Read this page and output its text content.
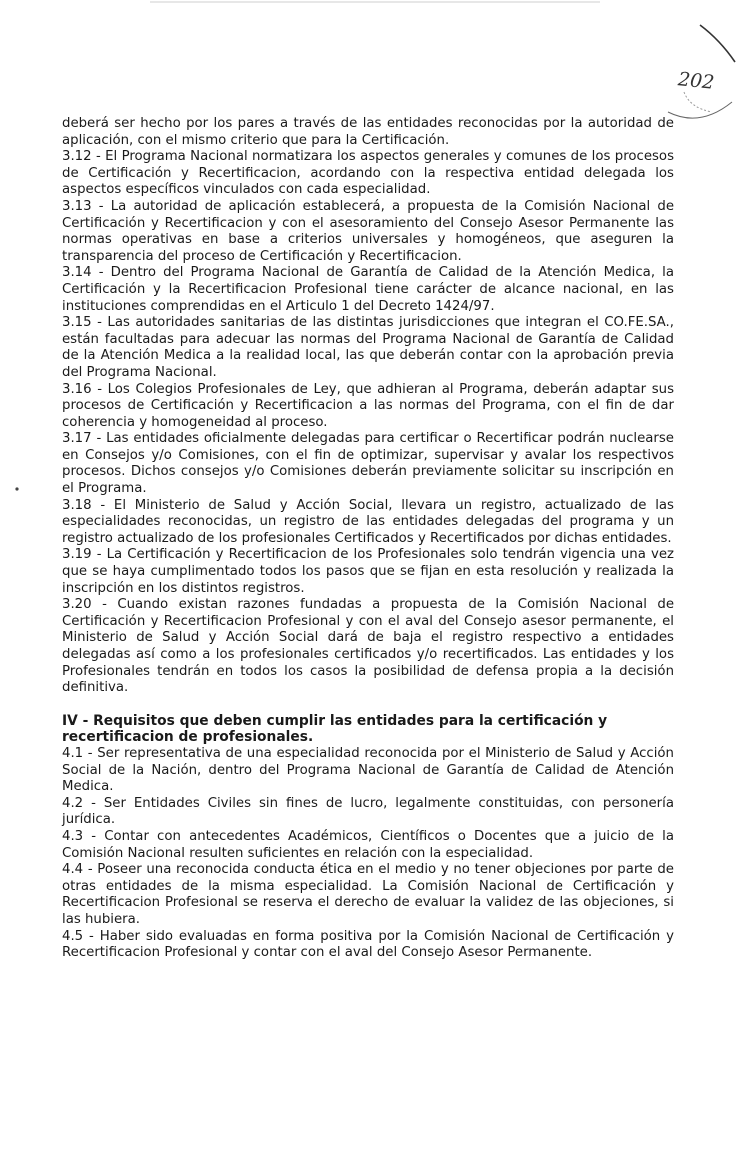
202

deberá ser hecho por los pares a través de las entidades reconocidas por la autoridad de aplicación, con el mismo criterio que para la Certificación.

3.12 - El Programa Nacional normatizara los aspectos generales y comunes de los procesos de Certificación y Recertificacion, acordando con la respectiva entidad delegada los aspectos específicos vinculados con cada especialidad.

3.13 - La autoridad de aplicación establecerá, a propuesta de la Comisión Nacional de Certificación y Recertificacion y con el asesoramiento del Consejo Asesor Permanente las normas operativas en base a criterios universales y homogéneos, que aseguren la transparencia del proceso de Certificación y Recertificacion.

3.14 - Dentro del Programa Nacional de Garantía de Calidad de la Atención Medica, la Certificación y la Recertificacion Profesional tiene carácter de alcance nacional, en las instituciones comprendidas en el Articulo 1 del Decreto 1424/97.

3.15 - Las autoridades sanitarias de las distintas jurisdicciones que integran el CO.FE.SA., están facultadas para adecuar las normas del Programa Nacional de Garantía de Calidad de la Atención Medica a la realidad local, las que deberán contar con la aprobación previa del Programa Nacional.

3.16 - Los Colegios Profesionales de Ley, que adhieran al Programa, deberán adaptar sus procesos de Certificación y Recertificacion a las normas del Programa, con el fin de dar coherencia y homogeneidad al proceso.

3.17 - Las entidades oficialmente delegadas para certificar o Recertificar podrán nuclearse en Consejos y/o Comisiones, con el fin de optimizar, supervisar y avalar los respectivos procesos. Dichos consejos y/o Comisiones deberán previamente solicitar su inscripción en el Programa.

3.18 - El Ministerio de Salud y Acción Social, llevara un registro, actualizado de las especialidades reconocidas, un registro de las entidades delegadas del programa y un registro actualizado de los profesionales Certificados y Recertificados por dichas entidades.

3.19 - La Certificación y Recertificacion de los Profesionales solo tendrán vigencia una vez que se haya cumplimentado todos los pasos que se fijan en esta resolución y realizada la inscripción en los distintos registros.

3.20 - Cuando existan razones fundadas a propuesta de la Comisión Nacional de Certificación y Recertificacion Profesional y con el aval del Consejo asesor permanente, el Ministerio de Salud y Acción Social dará de baja el registro respectivo a entidades delegadas así como a los profesionales certificados y/o recertificados. Las entidades y los Profesionales tendrán en todos los casos la posibilidad de defensa propia a la decisión definitiva.

IV - Requisitos que deben cumplir las entidades para la certificación y recertificacion de profesionales.

4.1 - Ser representativa de una especialidad reconocida por el Ministerio de Salud y Acción Social de la Nación, dentro del Programa Nacional de Garantía de Calidad de Atención Medica.

4.2 - Ser Entidades Civiles sin fines de lucro, legalmente constituidas, con personería jurídica.

4.3 - Contar con antecedentes Académicos, Científicos o Docentes que a juicio de la Comisión Nacional resulten suficientes en relación con la especialidad.

4.4 - Poseer una reconocida conducta ética en el medio y no tener objeciones por parte de otras entidades de la misma especialidad. La Comisión Nacional de Certificación y Recertificacion Profesional se reserva el derecho de evaluar la validez de las objeciones, si las hubiera.

4.5 - Haber sido evaluadas en forma positiva por la Comisión Nacional de Certificación y Recertificacion Profesional y contar con el aval del Consejo Asesor Permanente.
